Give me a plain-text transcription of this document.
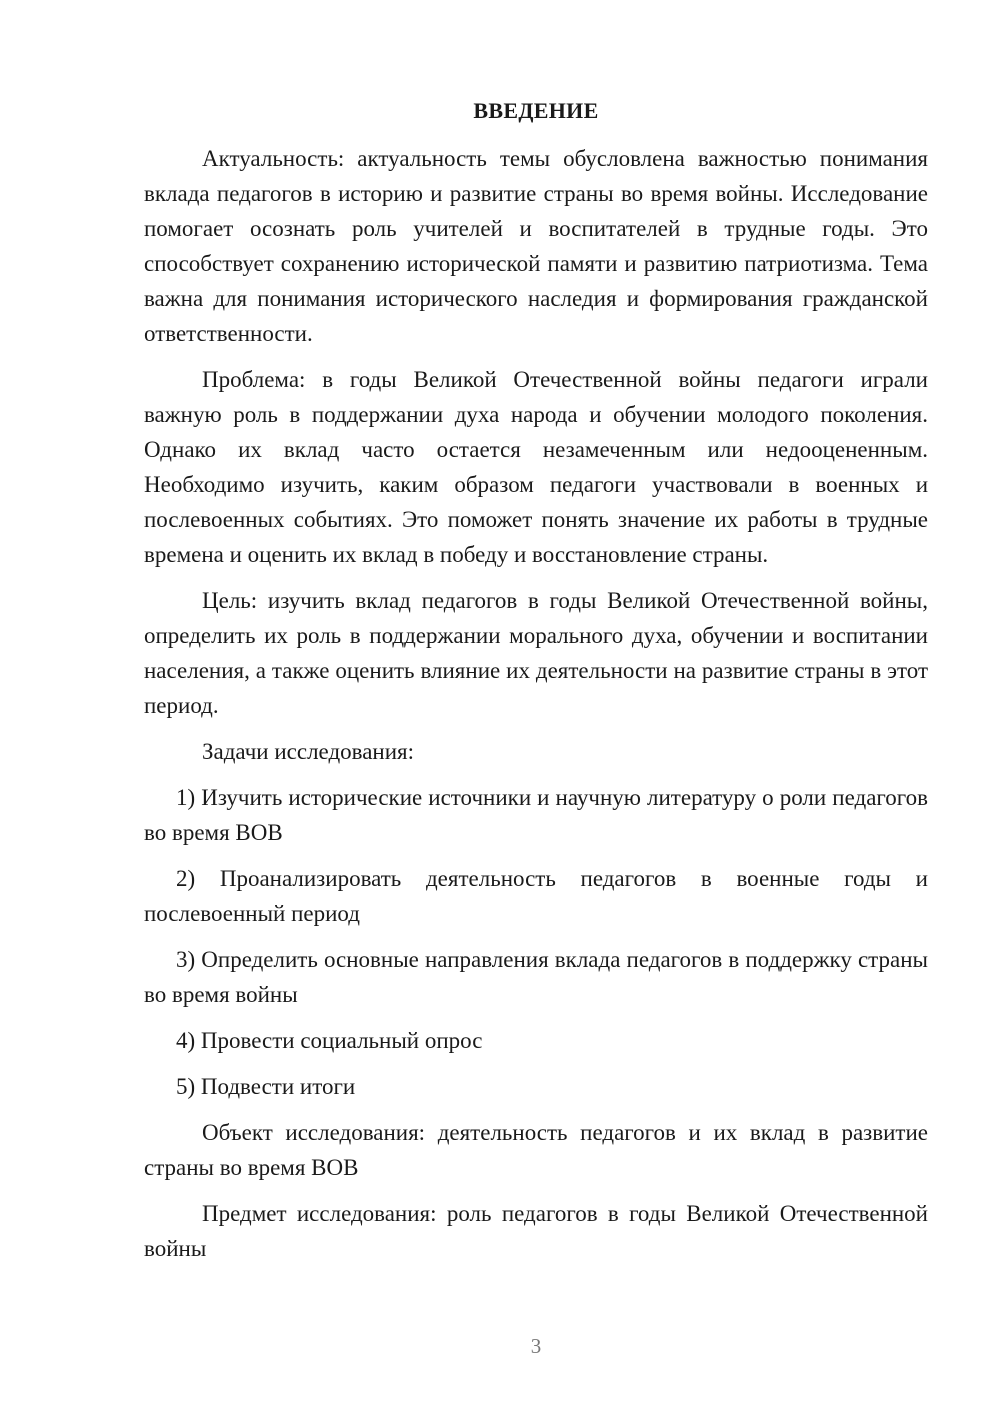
ВВЕДЕНИЕ

Актуальность: актуальность темы обусловлена важностью понимания вклада педагогов в историю и развитие страны во время войны. Исследование помогает осознать роль учителей и воспитателей в трудные годы. Это способствует сохранению исторической памяти и развитию патриотизма. Тема важна для понимания исторического наследия и формирования гражданской ответственности.

Проблема: в годы Великой Отечественной войны педагоги играли важную роль в поддержании духа народа и обучении молодого поколения. Однако их вклад часто остается незамеченным или недооцененным. Необходимо изучить, каким образом педагоги участвовали в военных и послевоенных событиях. Это поможет понять значение их работы в трудные времена и оценить их вклад в победу и восстановление страны.

Цель: изучить вклад педагогов в годы Великой Отечественной войны, определить их роль в поддержании морального духа, обучении и воспитании населения, а также оценить влияние их деятельности на развитие страны в этот период.

Задачи исследования:

1) Изучить исторические источники и научную литературу о роли педагогов во время ВОВ

2) Проанализировать деятельность педагогов в военные годы и послевоенный период

3) Определить основные направления вклада педагогов в поддержку страны во время войны

4) Провести социальный опрос

5) Подвести итоги

Объект исследования: деятельность педагогов и их вклад в развитие страны во время ВОВ

Предмет исследования: роль педагогов в годы Великой Отечественной войны

3
